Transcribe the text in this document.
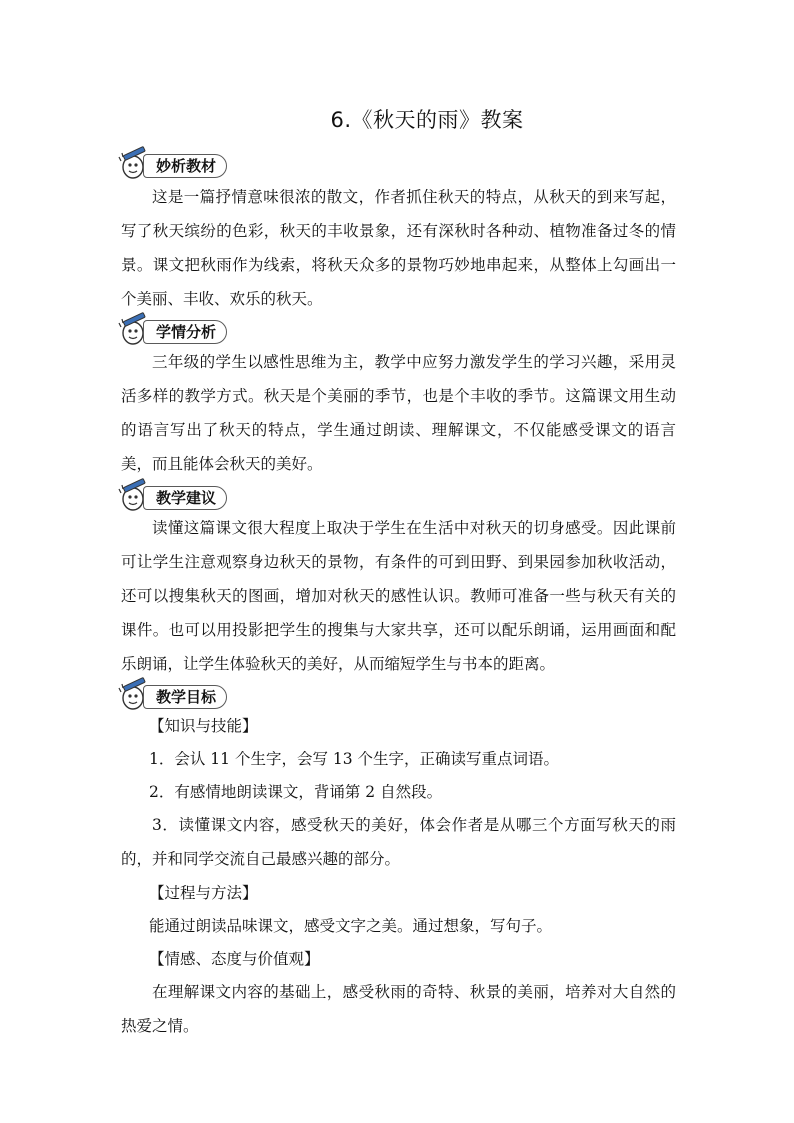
6.《秋天的雨》教案
妙析教材

这是一篇抒情意味很浓的散文，作者抓住秋天的特点，从秋天的到来写起，写了秋天缤纷的色彩，秋天的丰收景象，还有深秋时各种动、植物准备过冬的情景。课文把秋雨作为线索，将秋天众多的景物巧妙地串起来，从整体上勾画出一个美丽、丰收、欢乐的秋天。

学情分析

三年级的学生以感性思维为主，教学中应努力激发学生的学习兴趣，采用灵活多样的教学方式。秋天是个美丽的季节，也是个丰收的季节。这篇课文用生动的语言写出了秋天的特点，学生通过朗读、理解课文，不仅能感受课文的语言美，而且能体会秋天的美好。

教学建议

读懂这篇课文很大程度上取决于学生在生活中对秋天的切身感受。因此课前可让学生注意观察身边秋天的景物，有条件的可到田野、到果园参加秋收活动，还可以搜集秋天的图画，增加对秋天的感性认识。教师可准备一些与秋天有关的课件。也可以用投影把学生的搜集与大家共享，还可以配乐朗诵，运用画面和配乐朗诵，让学生体验秋天的美好，从而缩短学生与书本的距离。

教学目标

【知识与技能】

1．会认 11 个生字，会写 13 个生字，正确读写重点词语。

2．有感情地朗读课文，背诵第 2 自然段。

3．读懂课文内容，感受秋天的美好，体会作者是从哪三个方面写秋天的雨的，并和同学交流自己最感兴趣的部分。

【过程与方法】

能通过朗读品味课文，感受文字之美。通过想象，写句子。

【情感、态度与价值观】

在理解课文内容的基础上，感受秋雨的奇特、秋景的美丽，培养对大自然的热爱之情。
